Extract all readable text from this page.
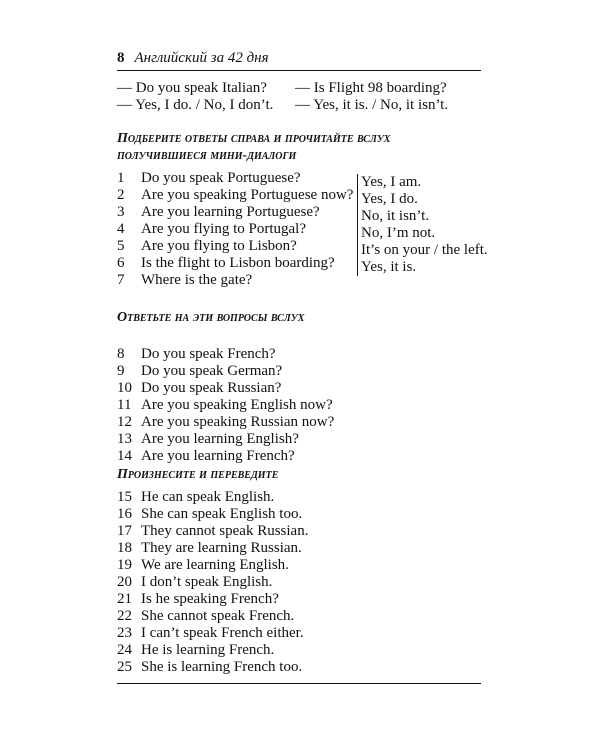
8 Английский за 42 дня
— Do you speak Italian?
— Yes, I do. / No, I don’t.
— Is Flight 98 boarding?
— Yes, it is. / No, it isn’t.
Подберите ответы справа и прочитайте вслух
получившиеся мини-диалоги
1 Do you speak Portuguese?
2 Are you speaking Portuguese now?
3 Are you learning Portuguese?
4 Are you flying to Portugal?
5 Are you flying to Lisbon?
6 Is the flight to Lisbon boarding?
7 Where is the gate?
Yes, I am.
Yes, I do.
No, it isn’t.
No, I’m not.
It’s on your / the left.
Yes, it is.
Ответьте на эти вопросы вслух
8 Do you speak French?
9 Do you speak German?
10 Do you speak Russian?
11 Are you speaking English now?
12 Are you speaking Russian now?
13 Are you learning English?
14 Are you learning French?
Произнесите и переведите
15 He can speak English.
16 She can speak English too.
17 They cannot speak Russian.
18 They are learning Russian.
19 We are learning English.
20 I don’t speak English.
21 Is he speaking French?
22 She cannot speak French.
23 I can’t speak French either.
24 He is learning French.
25 She is learning French too.
